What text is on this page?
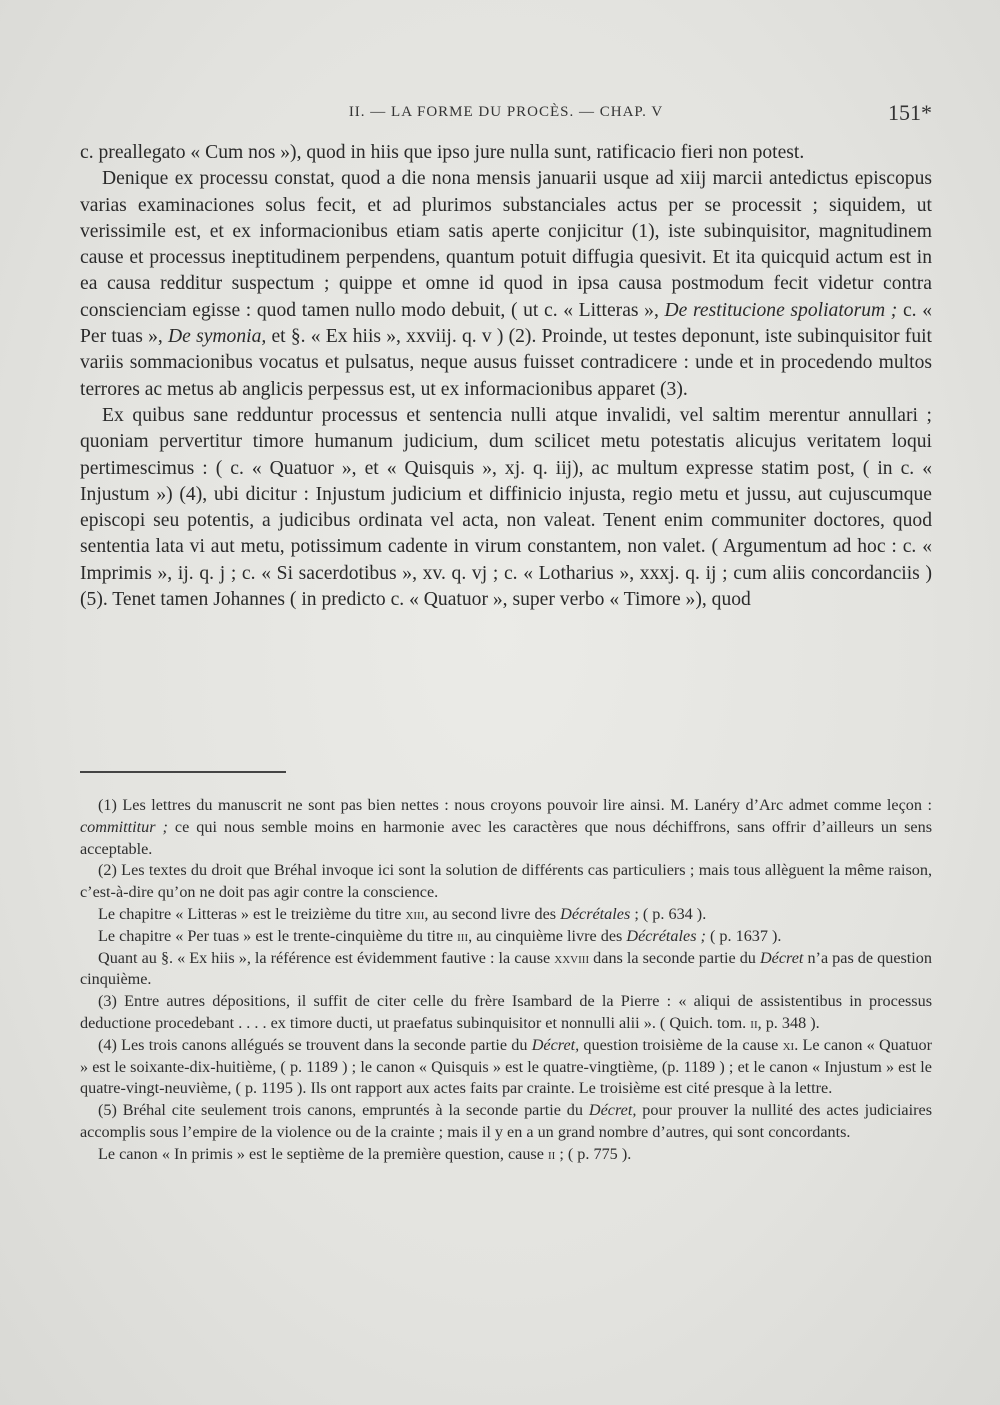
II. — LA FORME DU PROCÈS. — CHAP. V	151*

c. preallegato « Cum nos »), quod in hiis que ipso jure nulla sunt, ratificacio fieri non potest.

Denique ex processu constat, quod a die nona mensis januarii usque ad xiij marcii antedictus episcopus varias examinaciones solus fecit, et ad plurimos substanciales actus per se processit ; siquidem, ut verissimile est, et ex informacionibus etiam satis aperte conjicitur (1), iste subinquisitor, magnitudinem cause et processus ineptitudinem perpendens, quantum potuit diffugia quesivit. Et ita quicquid actum est in ea causa redditur suspectum ; quippe et omne id quod in ipsa causa postmodum fecit videtur contra conscienciam egisse : quod tamen nullo modo debuit, ( ut c. « Litteras », De restitucione spoliatorum ; c. « Per tuas », De symonia, et §. « Ex hiis », xxviij. q. v ) (2). Proinde, ut testes deponunt, iste subinquisitor fuit variis sommacionibus vocatus et pulsatus, neque ausus fuisset contradicere : unde et in procedendo multos terrores ac metus ab anglicis perpessus est, ut ex informacionibus apparet (3).

Ex quibus sane redduntur processus et sentencia nulli atque invalidi, vel saltim merentur annullari ; quoniam pervertitur timore humanum judicium, dum scilicet metu potestatis alicujus veritatem loqui pertimescimus : ( c. « Quatuor », et « Quisquis », xj. q. iij), ac multum expresse statim post, ( in c. « Injustum ») (4), ubi dicitur : Injustum judicium et diffinicio injusta, regio metu et jussu, aut cujuscumque episcopi seu potentis, a judicibus ordinata vel acta, non valeat. Tenent enim communiter doctores, quod sententia lata vi aut metu, potissimum cadente in virum constantem, non valet. ( Argumentum ad hoc : c. « Imprimis », ij. q. j ; c. « Si sacerdotibus », xv. q. vj ; c. « Lotharius », xxxj. q. ij ; cum aliis concordanciis ) (5). Tenet tamen Johannes ( in predicto c. « Quatuor », super verbo « Timore »), quod

(1) Les lettres du manuscrit ne sont pas bien nettes : nous croyons pouvoir lire ainsi. M. Lanéry d’Arc admet comme leçon : committitur ; ce qui nous semble moins en harmonie avec les caractères que nous déchiffrons, sans offrir d’ailleurs un sens acceptable.

(2) Les textes du droit que Bréhal invoque ici sont la solution de différents cas particuliers ; mais tous allèguent la même raison, c’est-à-dire qu’on ne doit pas agir contre la conscience.

Le chapitre « Litteras » est le treizième du titre xiii, au second livre des Décrétales ; ( p. 634 ).

Le chapitre « Per tuas » est le trente-cinquième du titre iii, au cinquième livre des Décrétales ; ( p. 1637 ).

Quant au §. « Ex hiis », la référence est évidemment fautive : la cause xxviii dans la seconde partie du Décret n’a pas de question cinquième.

(3) Entre autres dépositions, il suffit de citer celle du frère Isambard de la Pierre : « aliqui de assistentibus in processus deductione procedebant . . . . ex timore ducti, ut praefatus subinquisitor et nonnulli alii ». ( Quich. tom. ii, p. 348 ).

(4) Les trois canons allégués se trouvent dans la seconde partie du Décret, question troisième de la cause xi. Le canon « Quatuor » est le soixante-dix-huitième, ( p. 1189 ) ; le canon « Quisquis » est le quatre-vingtième, (p. 1189 ) ; et le canon « Injustum » est le quatre-vingt-neuvième, ( p. 1195 ). Ils ont rapport aux actes faits par crainte. Le troisième est cité presque à la lettre.

(5) Bréhal cite seulement trois canons, empruntés à la seconde partie du Décret, pour prouver la nullité des actes judiciaires accomplis sous l’empire de la violence ou de la crainte ; mais il y en a un grand nombre d’autres, qui sont concordants.

Le canon « In primis » est le septième de la première question, cause ii ; ( p. 775 ).
